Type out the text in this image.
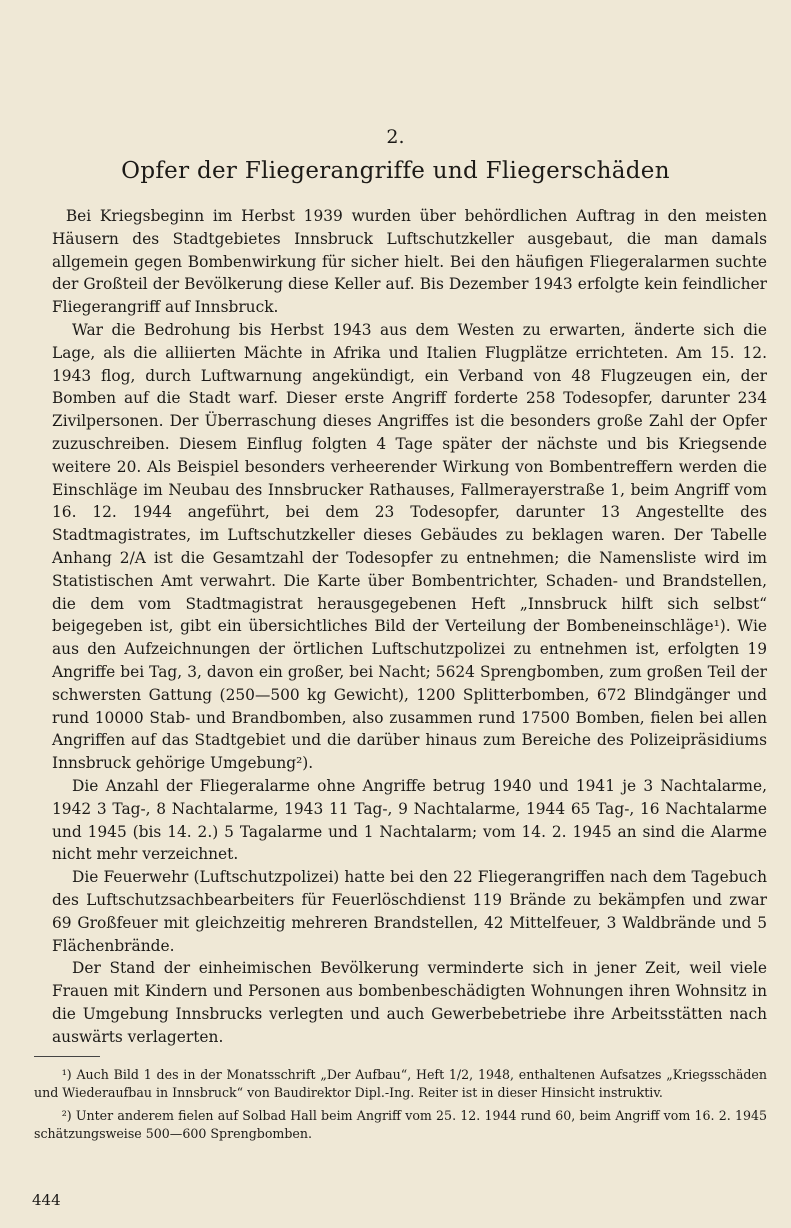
2.
Opfer der Fliegerangriffe und Fliegerschäden

Bei Kriegsbeginn im Herbst 1939 wurden über behördlichen Auftrag in den meisten Häusern des Stadtgebietes Innsbruck Luftschutzkeller ausgebaut, die man damals allgemein gegen Bombenwirkung für sicher hielt. Bei den häufigen Fliegeralarmen suchte der Großteil der Bevölkerung diese Keller auf. Bis Dezember 1943 erfolgte kein feindlicher Fliegerangriff auf Innsbruck.

War die Bedrohung bis Herbst 1943 aus dem Westen zu erwarten, änderte sich die Lage, als die alliierten Mächte in Afrika und Italien Flugplätze errichteten. Am 15. 12. 1943 flog, durch Luftwarnung angekündigt, ein Verband von 48 Flugzeugen ein, der Bomben auf die Stadt warf. Dieser erste Angriff forderte 258 Todesopfer, darunter 234 Zivilpersonen. Der Überraschung dieses Angriffes ist die besonders große Zahl der Opfer zuzuschreiben. Diesem Einflug folgten 4 Tage später der nächste und bis Kriegsende weitere 20. Als Beispiel besonders verheerender Wirkung von Bombentreffern werden die Einschläge im Neubau des Innsbrucker Rathauses, Fallmerayerstraße 1, beim Angriff vom 16. 12. 1944 angeführt, bei dem 23 Todesopfer, darunter 13 Angestellte des Stadtmagistrates, im Luftschutzkeller dieses Gebäudes zu beklagen waren. Der Tabelle Anhang 2/A ist die Gesamtzahl der Todesopfer zu entnehmen; die Namensliste wird im Statistischen Amt verwahrt. Die Karte über Bombentrichter, Schaden- und Brandstellen, die dem vom Stadtmagistrat herausgegebenen Heft „Innsbruck hilft sich selbst“ beigegeben ist, gibt ein übersichtliches Bild der Verteilung der Bombeneinschläge¹). Wie aus den Aufzeichnungen der örtlichen Luftschutzpolizei zu entnehmen ist, erfolgten 19 Angriffe bei Tag, 3, davon ein großer, bei Nacht; 5624 Sprengbomben, zum großen Teil der schwersten Gattung (250—500 kg Gewicht), 1200 Splitterbomben, 672 Blindgänger und rund 10000 Stab- und Brandbomben, also zusammen rund 17500 Bomben, fielen bei allen Angriffen auf das Stadtgebiet und die darüber hinaus zum Bereiche des Polizeipräsidiums Innsbruck gehörige Umgebung²).

Die Anzahl der Fliegeralarme ohne Angriffe betrug 1940 und 1941 je 3 Nachtalarme, 1942 3 Tag-, 8 Nachtalarme, 1943 11 Tag-, 9 Nachtalarme, 1944 65 Tag-, 16 Nachtalarme und 1945 (bis 14. 2.) 5 Tagalarme und 1 Nachtalarm; vom 14. 2. 1945 an sind die Alarme nicht mehr verzeichnet.

Die Feuerwehr (Luftschutzpolizei) hatte bei den 22 Fliegerangriffen nach dem Tagebuch des Luftschutzsachbearbeiters für Feuerlöschdienst 119 Brände zu bekämpfen und zwar 69 Großfeuer mit gleichzeitig mehreren Brandstellen, 42 Mittelfeuer, 3 Waldbrände und 5 Flächenbrände.

Der Stand der einheimischen Bevölkerung verminderte sich in jener Zeit, weil viele Frauen mit Kindern und Personen aus bombenbeschädigten Wohnungen ihren Wohnsitz in die Umgebung Innsbrucks verlegten und auch Gewerbebetriebe ihre Arbeitsstätten nach auswärts verlagerten.

¹) Auch Bild 1 des in der Monatsschrift „Der Aufbau“, Heft 1/2, 1948, enthaltenen Aufsatzes „Kriegsschäden und Wiederaufbau in Innsbruck“ von Baudirektor Dipl.-Ing. Reiter ist in dieser Hinsicht instruktiv.

²) Unter anderem fielen auf Solbad Hall beim Angriff vom 25. 12. 1944 rund 60, beim Angriff vom 16. 2. 1945 schätzungsweise 500—600 Sprengbomben.

444
